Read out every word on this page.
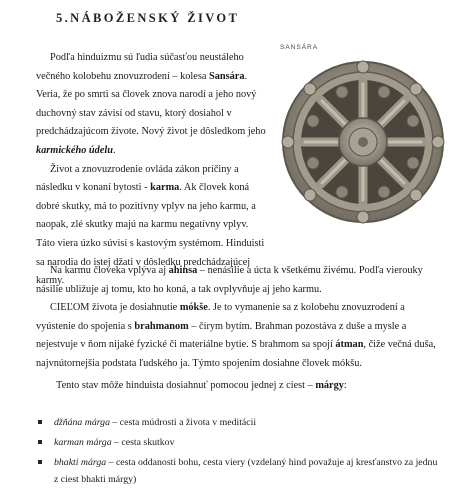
5.NÁBOŽENSKÝ ŽIVOT
SANSÁRA

Podľa hinduizmu sú ľudia súčasťou neustáleho večného kolobehu znovuzrodení – kolesa Sansára. Veria, že po smrti sa človek znova narodí a jeho nový duchovný stav závisí od stavu, ktorý dosiahol v predchádzajúcom živote. Nový život je dôsledkom jeho karmického údelu.

Život a znovuzrodenie ovláda zákon príčiny a následku v konaní bytosti - karma. Ak človek koná dobré skutky, má to pozitívny vplyv na jeho karmu, a naopak, zlé skutky majú na karmu negatívny vplyv. Táto viera úzko súvisí s kastovým systémom. Hinduisti sa narodia do istej džati v dôsledku predchádzajúcej karmy.

Na karmu človeka vplýva aj ahinsa – nenásilie a úcta k všetkému živému. Podľa vierouky násilie ubližuje aj tomu, kto ho koná, a tak ovplyvňuje aj jeho karmu.

CIEĽOM života je dosiahnutie mókše. Je to vymanenie sa z kolobehu znovuzrodení a vyústenie do spojenia s brahmanom – čírym bytím. Brahman pozostáva z duše a mysle a nejestvuje v ňom nijaké fyzické či materiálne bytie. S brahmom sa spojí átman, čiže večná duša, najvnútornejšia podstata ľudského ja. Týmto spojením dosiahne človek mókšu.

Tento stav môže hinduista dosiahnuť pomocou jednej z ciest – márgy:
džňána márga – cesta múdrosti a života v meditácii
karman márga – cesta skutkov
bhakti márga – cesta oddanosti bohu, cesta viery (vzdelaný hind považuje aj kresťanstvo za jednu z ciest bhakti márgy)
